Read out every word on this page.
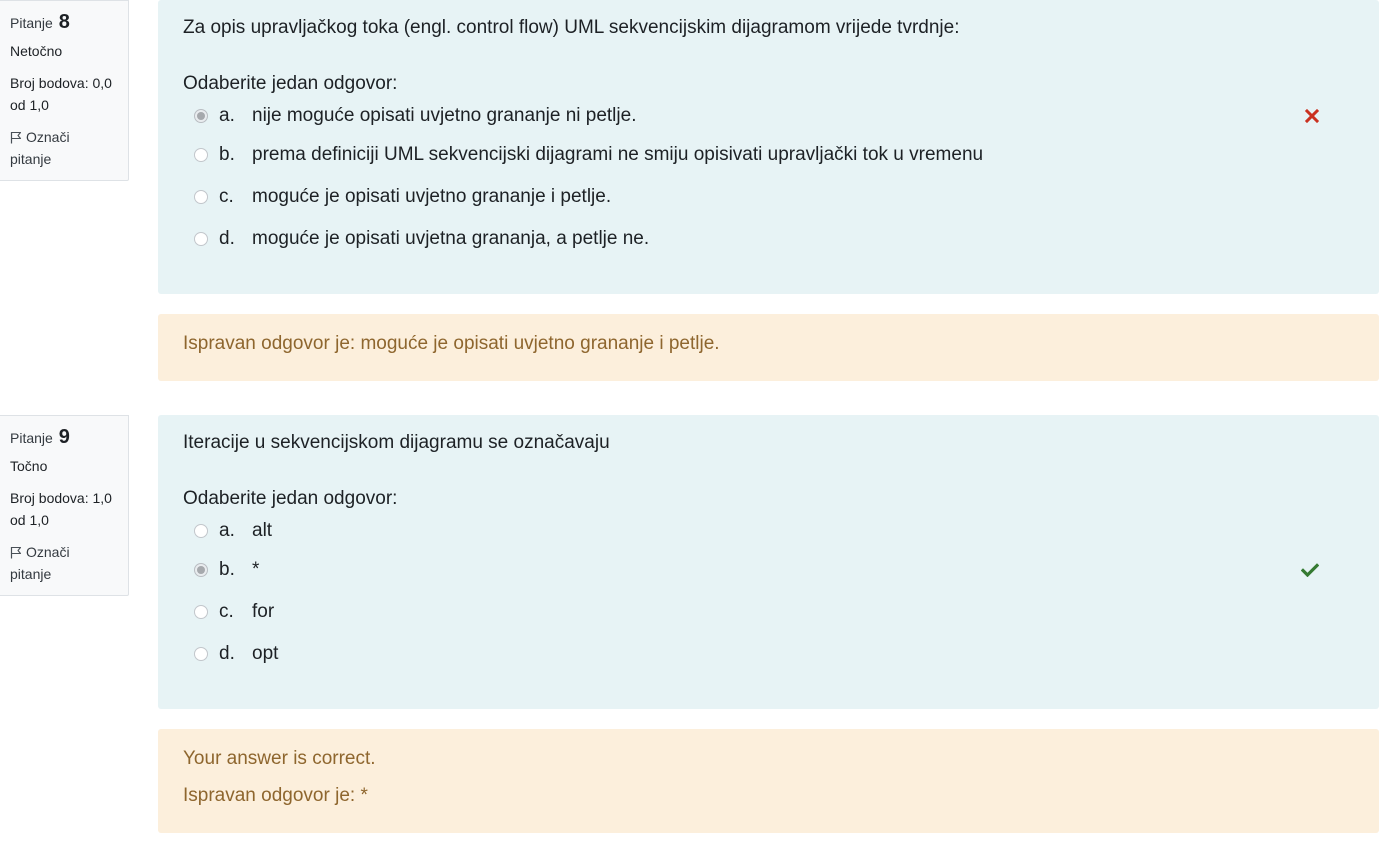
Pitanje 8
Netočno
Broj bodova: 0,0
od 1,0
Označi
pitanje

Za opis upravljačkog toka (engl. control flow) UML sekvencijskim dijagramom vrijede tvrdnje:

Odaberite jedan odgovor:

a. nije moguće opisati uvjetno grananje ni petlje.
b. prema definiciji UML sekvencijski dijagrami ne smiju opisivati upravljački tok u vremenu
c. moguće je opisati uvjetno grananje i petlje.
d. moguće je opisati uvjetna grananja, a petlje ne.

Ispravan odgovor je: moguće je opisati uvjetno grananje i petlje.

Pitanje 9
Točno
Broj bodova: 1,0
od 1,0
Označi
pitanje

Iteracije u sekvencijskom dijagramu se označavaju

Odaberite jedan odgovor:

a. alt
b. *
c. for
d. opt

Your answer is correct.

Ispravan odgovor je: *
